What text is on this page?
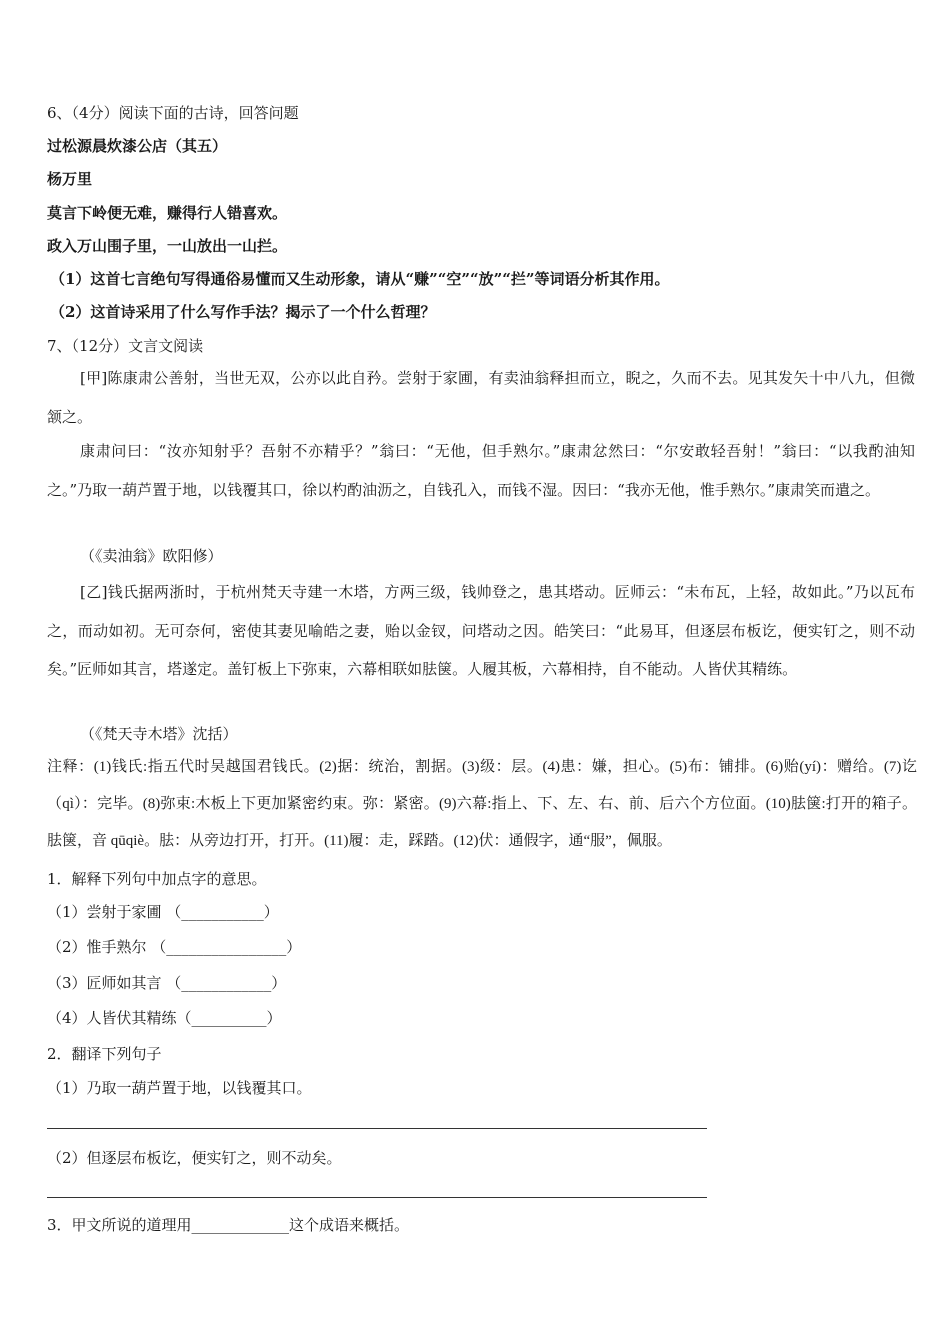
6、（4分）阅读下面的古诗，回答问题
过松源晨炊漆公店（其五）
杨万里
莫言下岭便无难，赚得行人错喜欢。
政入万山围子里，一山放出一山拦。
（1）这首七言绝句写得通俗易懂而又生动形象，请从“赚”“空”“放”“拦”等词语分析其作用。
（2）这首诗采用了什么写作手法？揭示了一个什么哲理？
7、（12分）文言文阅读
[甲]陈康肃公善射，当世无双，公亦以此自矜。尝射于家圃，有卖油翁释担而立，睨之，久而不去。见其发矢十中八九，但微颔之。
康肃问曰：“汝亦知射乎？吾射不亦精乎？”翁曰：“无他，但手熟尔。”康肃忿然曰：“尔安敢轻吾射！”翁曰：“以我酌油知之。”乃取一葫芦置于地，以钱覆其口，徐以杓酌油沥之，自钱孔入，而钱不湿。因曰：“我亦无他，惟手熟尔。”康肃笑而遣之。
（《卖油翁》欧阳修）
[乙]钱氏据两浙时，于杭州梵天寺建一木塔，方两三级，钱帅登之，患其塔动。匠师云：“未布瓦，上轻，故如此。”乃以瓦布之，而动如初。无可奈何，密使其妻见喻皓之妻，贻以金钗，问塔动之因。皓笑曰：“此易耳，但逐层布板讫，便实钉之，则不动矣。”匠师如其言，塔遂定。盖钉板上下弥束，六幕相联如胠箧。人履其板，六幕相持，自不能动。人皆伏其精练。
（《梵天寺木塔》沈括）
注释：(1)钱氏:指五代时吴越国君钱氏。(2)据：统治，割据。(3)级：层。(4)患：嫌，担心。(5)布：铺排。(6)贻(yí)：赠给。(7)讫（qì）：完毕。(8)弥束:木板上下更加紧密约束。弥：紧密。(9)六幕:指上、下、左、右、前、后六个方位面。(10)胠箧:打开的箱子。胠箧，音 qūqiè。胠：从旁边打开，打开。(11)履：走，踩踏。(12)伏：通假字，通“服”，佩服。
1．解释下列句中加点字的意思。
（1）尝射于家圃 （___________）
（2）惟手熟尔 （________________）
（3）匠师如其言 （____________）
（4）人皆伏其精练（__________）
2．翻译下列句子
（1）乃取一葫芦置于地，以钱覆其口。
（2）但逐层布板讫，便实钉之，则不动矣。
3．甲文所说的道理用_____________这个成语来概括。
